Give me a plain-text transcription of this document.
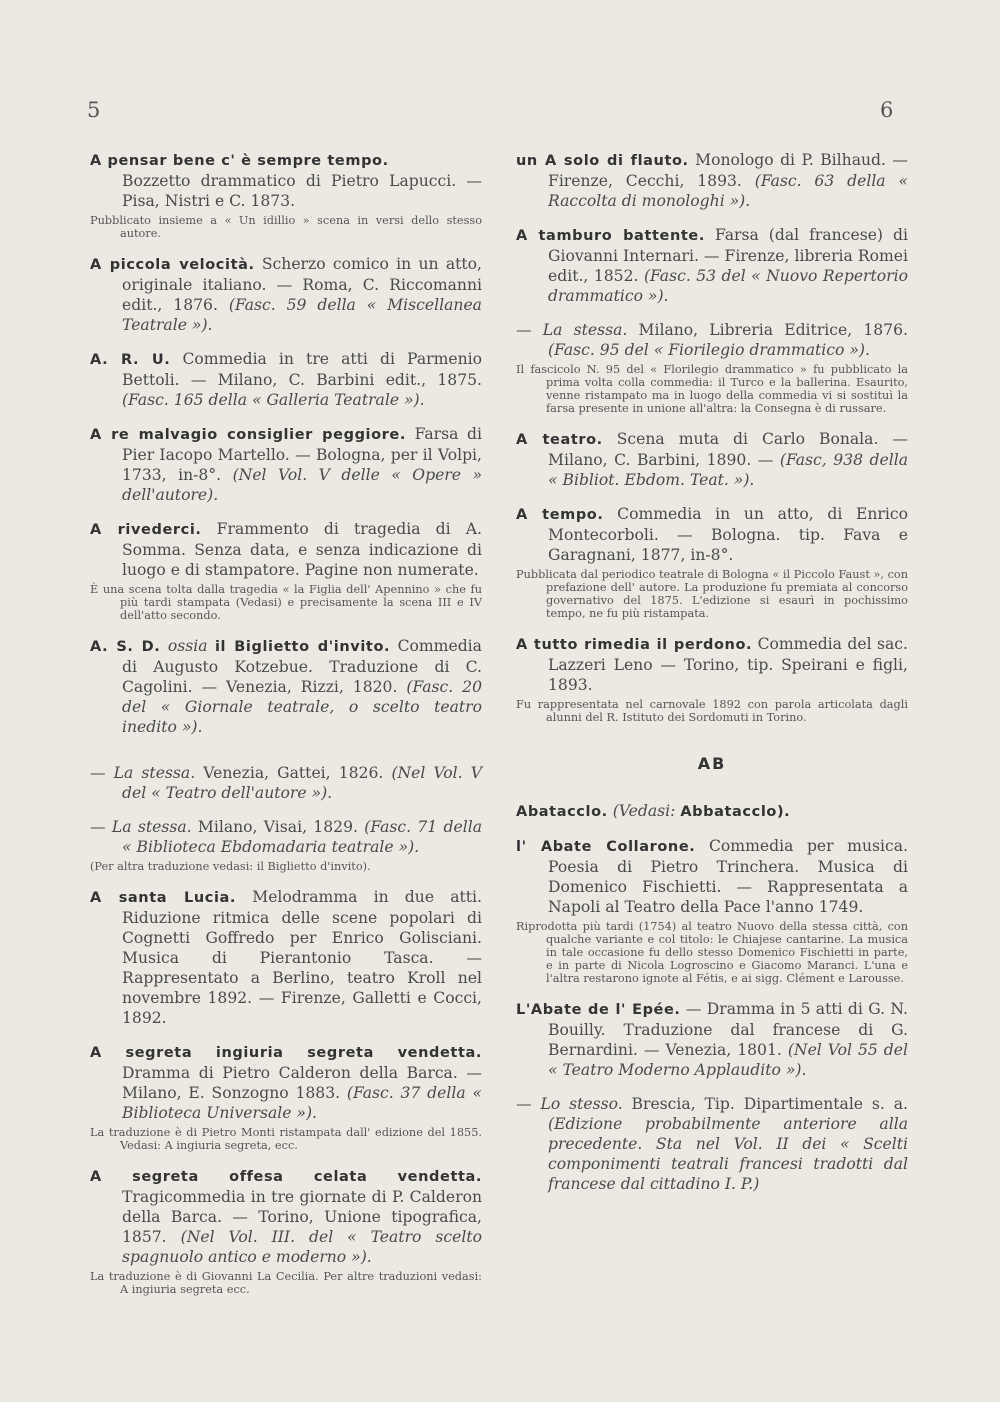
5	6

A pensar bene c' è sempre tempo.
Bozzetto drammatico di Pietro Lapucci. — Pisa, Nistri e C. 1873.

Pubblicato insieme a « Un idillio » scena in versi dello stesso autore.

A piccola velocità. Scherzo comico in un atto, originale italiano. — Roma, C. Riccomanni edit., 1876. (Fasc. 59 della « Miscellanea Teatrale »).

A. R. U. Commedia in tre atti di Parmenio Bettoli. — Milano, C. Barbini edit., 1875. (Fasc. 165 della « Galleria Teatrale »).

A re malvagio consiglier peggiore. Farsa di Pier Iacopo Martello. — Bologna, per il Volpi, 1733, in-8°. (Nel Vol. V delle « Opere » dell'autore).

A rivederci. Frammento di tragedia di A. Somma. Senza data, e senza indicazione di luogo e di stampatore. Pagine non numerate.

È una scena tolta dalla tragedia « la Figlia dell' Apennino » che fu più tardi stampata (Vedasi) e precisamente la scena III e IV dell'atto secondo.

A. S. D. ossia il Biglietto d'invito. Commedia di Augusto Kotzebue. Traduzione di C. Cagolini. — Venezia, Rizzi, 1820. (Fasc. 20 del « Giornale teatrale, o scelto teatro inedito »).

— La stessa. Venezia, Gattei, 1826. (Nel Vol. V del « Teatro dell'autore »).

— La stessa. Milano, Visai, 1829. (Fasc. 71 della « Biblioteca Ebdomadaria teatrale »).

(Per altra traduzione vedasi: il Biglietto d'invito).

A santa Lucia. Melodramma in due atti. Riduzione ritmica delle scene popolari di Cognetti Goffredo per Enrico Golisciani. Musica di Pierantonio Tasca. — Rappresentato a Berlino, teatro Kroll nel novembre 1892. — Firenze, Galletti e Cocci, 1892.

A segreta ingiuria segreta vendetta. Dramma di Pietro Calderon della Barca. — Milano, E. Sonzogno 1883. (Fasc. 37 della « Biblioteca Universale »).

La traduzione è di Pietro Monti ristampata dall' edizione del 1855. Vedasi: A ingiuria segreta, ecc.

A segreta offesa celata vendetta. Tragicommedia in tre giornate di P. Calderon della Barca. — Torino, Unione tipografica, 1857. (Nel Vol. III. del « Teatro scelto spagnuolo antico e moderno »).

La traduzione è di Giovanni La Cecilia. Per altre traduzioni vedasi: A ingiuria segreta ecc.

un A solo di flauto. Monologo di P. Bilhaud. — Firenze, Cecchi, 1893. (Fasc. 63 della « Raccolta di monologhi »).

A tamburo battente. Farsa (dal francese) di Giovanni Internari. — Firenze, libreria Romei edit., 1852. (Fasc. 53 del « Nuovo Repertorio drammatico »).

— La stessa. Milano, Libreria Editrice, 1876. (Fasc. 95 del « Fiorilegio drammatico »).

Il fascicolo N. 95 del « Florilegio drammatico » fu pubblicato la prima volta colla commedia: il Turco e la ballerina. Esaurito, venne ristampato ma in luogo della commedia vi si sostituì la farsa presente in unione all'altra: la Consegna è di russare.

A teatro. Scena muta di Carlo Bonala. — Milano, C. Barbini, 1890. — (Fasc, 938 della « Bibliot. Ebdom. Teat. »).

A tempo. Commedia in un atto, di Enrico Montecorboli. — Bologna. tip. Fava e Garagnani, 1877, in-8°.

Pubblicata dal periodico teatrale di Bologna « il Piccolo Faust », con prefazione dell' autore. La produzione fu premiata al concorso governativo del 1875. L'edizione si esaurì in pochissimo tempo, ne fu più ristampata.

A tutto rimedia il perdono. Commedia del sac. Lazzeri Leno — Torino, tip. Speirani e figli, 1893.

Fu rappresentata nel carnovale 1892 con parola articolata dagli alunni del R. Istituto dei Sordomuti in Torino.

AB

Abatacclo. (Vedasi: Abbatacclo).

l' Abate Collarone. Commedia per musica. Poesia di Pietro Trinchera. Musica di Domenico Fischietti. — Rappresentata a Napoli al Teatro della Pace l'anno 1749.

Riprodotta più tardi (1754) al teatro Nuovo della stessa città, con qualche variante e col titolo: le Chiajese cantarine. La musica in tale occasione fu dello stesso Domenico Fischietti in parte, e in parte di Nicola Logroscino e Giacomo Maranci. L'una e l'altra restarono ignote al Fétis, e ai sigg. Clément e Larousse.

L'Abate de l' Epée. — Dramma in 5 atti di G. N. Bouilly. Traduzione dal francese di G. Bernardini. — Venezia, 1801. (Nel Vol 55 del « Teatro Moderno Applaudito »).

— Lo stesso. Brescia, Tip. Dipartimentale s. a. (Edizione probabilmente anteriore alla precedente. Sta nel Vol. II dei « Scelti componimenti teatrali francesi tradotti dal francese dal cittadino I. P.)
